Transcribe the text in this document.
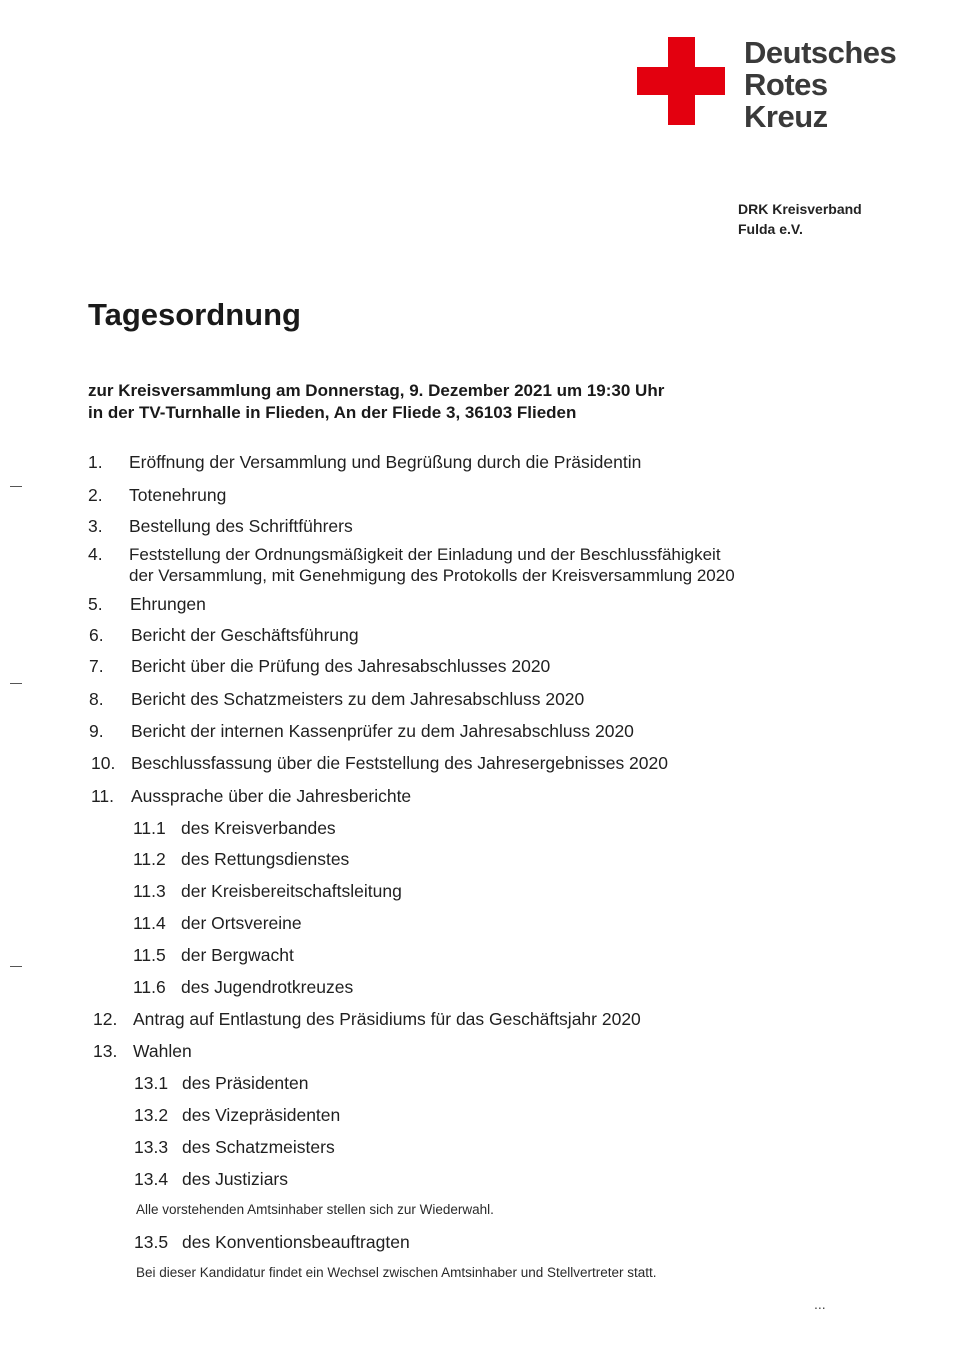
Deutsches
Rotes
Kreuz
DRK Kreisverband
Fulda e.V.
Tagesordnung
zur Kreisversammlung am Donnerstag, 9. Dezember 2021 um 19:30 Uhr
in der TV-Turnhalle in Flieden, An der Fliede 3, 36103 Flieden
1. Eröffnung der Versammlung und Begrüßung durch die Präsidentin
2. Totenehrung
3. Bestellung des Schriftführers
4. Feststellung der Ordnungsmäßigkeit der Einladung und der Beschlussfähigkeit
der Versammlung, mit Genehmigung des Protokolls der Kreisversammlung 2020
5. Ehrungen
6. Bericht der Geschäftsführung
7. Bericht über die Prüfung des Jahresabschlusses 2020
8. Bericht des Schatzmeisters zu dem Jahresabschluss 2020
9. Bericht der internen Kassenprüfer zu dem Jahresabschluss 2020
10. Beschlussfassung über die Feststellung des Jahresergebnisses 2020
11. Aussprache über die Jahresberichte
11.1 des Kreisverbandes
11.2 des Rettungsdienstes
11.3 der Kreisbereitschaftsleitung
11.4 der Ortsvereine
11.5 der Bergwacht
11.6 des Jugendrotkreuzes
12. Antrag auf Entlastung des Präsidiums für das Geschäftsjahr 2020
13. Wahlen
13.1 des Präsidenten
13.2 des Vizepräsidenten
13.3 des Schatzmeisters
13.4 des Justiziars
Alle vorstehenden Amtsinhaber stellen sich zur Wiederwahl.
13.5 des Konventionsbeauftragten
Bei dieser Kandidatur findet ein Wechsel zwischen Amtsinhaber und Stellvertreter statt.
...
